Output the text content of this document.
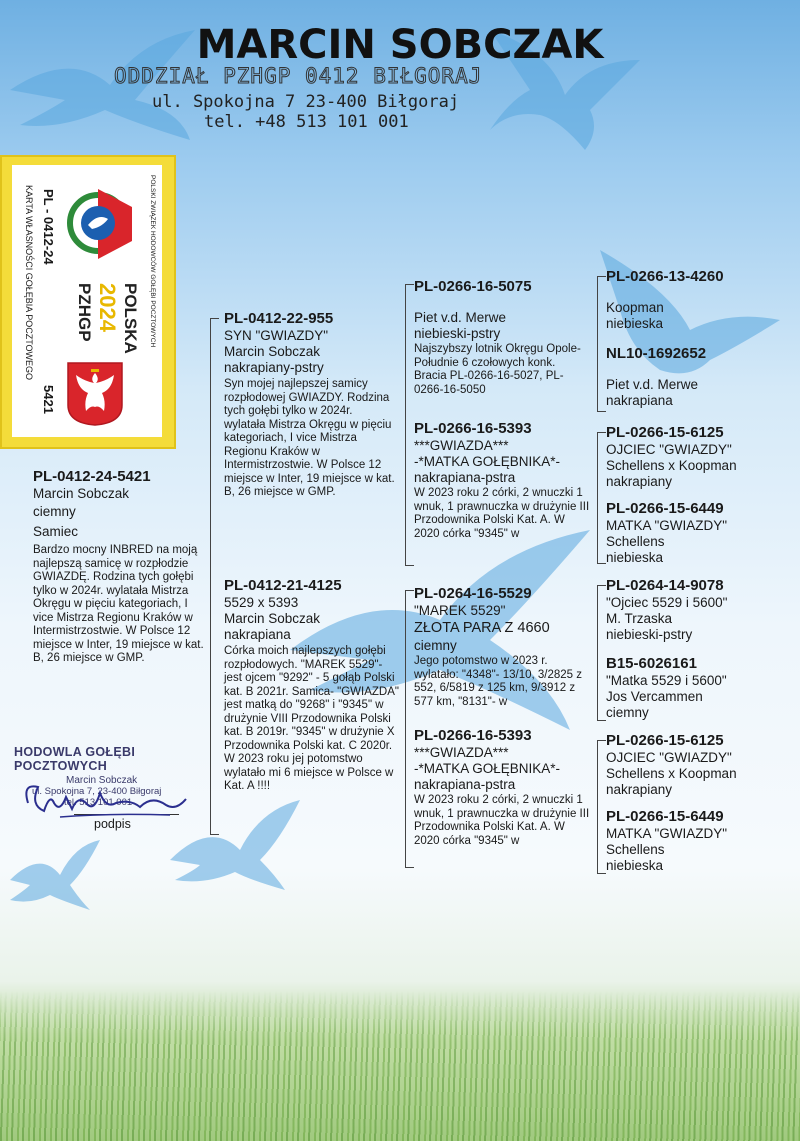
MARCIN SOBCZAK
ODDZIAŁ PZHGP 0412 BIŁGORAJ
ul. Spokojna 7 23-400 Biłgoraj
tel. +48 513 101 001
POLSKI ZWIĄZEK HODOWCÓW GOŁĘBI POCZTOWYCH
POLSKA
2024
PZHGP
PL - 0412-24
5421
KARTA WŁASNOŚCI GOŁĘBIA POCZTOWEGO
PL-0412-24-5421
Marcin Sobczak
ciemny
Samiec
Bardzo mocny INBRED na moją najlepszą samicę w rozpłodzie GWIAZDĘ. Rodzina tych gołębi tylko w 2024r. wylatała Mistrza Okręgu w pięciu kategoriach, I vice Mistrza Regionu Kraków w Intermistrzostwie. W Polsce 12 miejsce w Inter, 19 miejsce w kat. B, 26 miejsce w GMP.
PL-0412-22-955
SYN "GWIAZDY"
Marcin Sobczak
nakrapiany-pstry
Syn mojej najlepszej samicy rozpłodowej GWIAZDY. Rodzina tych gołębi tylko w 2024r. wylatała Mistrza Okręgu w pięciu kategoriach, I vice Mistrza Regionu Kraków w Intermistrzostwie. W Polsce 12 miejsce w Inter, 19 miejsce w kat. B, 26 miejsce w GMP.
PL-0412-21-4125
5529 x 5393
Marcin Sobczak
nakrapiana
Córka moich najlepszych gołębi rozpłodowych. "MAREK 5529"- jest ojcem "9292" - 5 gołąb Polski kat. B 2021r. Samica- "GWIAZDA" jest matką do "9268" i "9345" w drużynie VIII Przodownika Polski kat. B 2019r. "9345" w drużynie X Przodownika Polski kat. C 2020r. W 2023 roku jej potomstwo wylatało mi 6 miejsce w Polsce w Kat. A !!!!
PL-0266-16-5075
Piet v.d. Merwe
niebieski-pstry
Najszybszy lotnik Okręgu Opole- Południe 6 czołowych konk. Bracia PL-0266-16-5027, PL-0266-16-5050
PL-0266-16-5393
***GWIAZDA***
-*MATKA GOŁĘBNIKA*-
nakrapiana-pstra
W 2023 roku 2 córki, 2 wnuczki 1 wnuk, 1 prawnuczka w drużynie III Przodownika Polski Kat. A. W 2020 córka "9345" w
PL-0264-16-5529
"MAREK 5529"
ZŁOTA PARA Z 4660
ciemny
Jego potomstwo w 2023 r. wylatało: "4348"- 13/10, 3/2825 z 552, 6/5819 z 125 km, 9/3912 z 577 km, "8131"- w
PL-0266-16-5393
***GWIAZDA***
-*MATKA GOŁĘBNIKA*-
nakrapiana-pstra
W 2023 roku 2 córki, 2 wnuczki 1 wnuk, 1 prawnuczka w drużynie III Przodownika Polski Kat. A. W 2020 córka "9345" w
PL-0266-13-4260
Koopman
niebieska
NL10-1692652
Piet v.d. Merwe
nakrapiana
PL-0266-15-6125
OJCIEC "GWIAZDY"
Schellens x Koopman
nakrapiany
PL-0266-15-6449
MATKA "GWIAZDY"
Schellens
niebieska
PL-0264-14-9078
"Ojciec 5529 i 5600"
M. Trzaska
niebieski-pstry
B15-6026161
"Matka 5529 i 5600"
Jos Vercammen
ciemny
PL-0266-15-6125
OJCIEC "GWIAZDY"
Schellens x Koopman
nakrapiany
PL-0266-15-6449
MATKA "GWIAZDY"
Schellens
niebieska
HODOWLA GOŁĘBI POCZTOWYCH
Marcin Sobczak
ul. Spokojna 7, 23-400 Biłgoraj
tel. 513 101 001
podpis
